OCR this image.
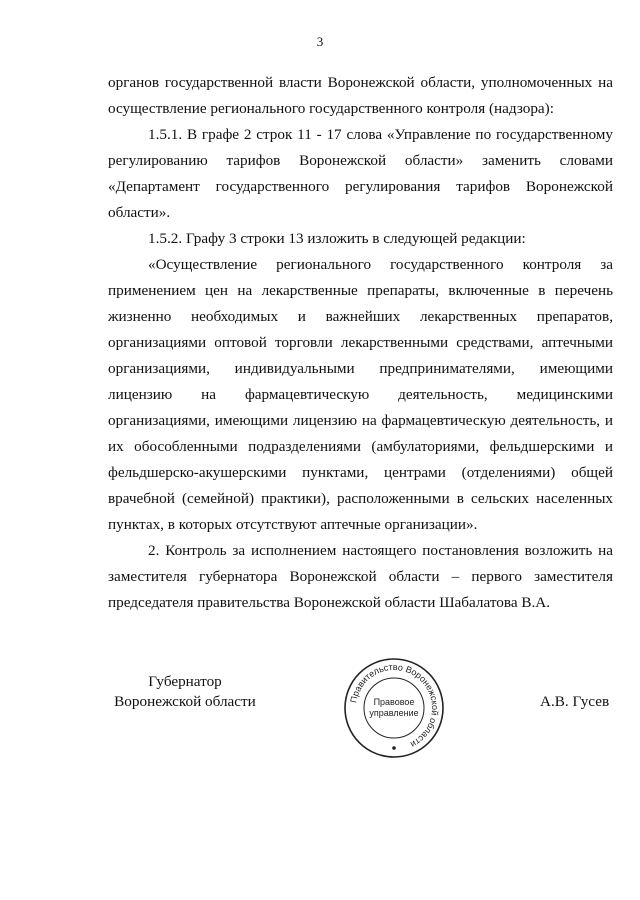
3

органов государственной власти Воронежской области, уполномоченных на осуществление регионального государственного контроля (надзора):

1.5.1. В графе 2 строк 11 - 17 слова «Управление по государственному регулированию тарифов Воронежской области» заменить словами «Департамент государственного регулирования тарифов Воронежской области».

1.5.2. Графу 3 строки 13 изложить в следующей редакции:

«Осуществление регионального государственного контроля за применением цен на лекарственные препараты, включенные в перечень жизненно необходимых и важнейших лекарственных препаратов, организациями оптовой торговли лекарственными средствами, аптечными организациями, индивидуальными предпринимателями, имеющими лицензию на фармацевтическую деятельность, медицинскими организациями, имеющими лицензию на фармацевтическую деятельность, и их обособленными подразделениями (амбулаториями, фельдшерскими и фельдшерско-акушерскими пунктами, центрами (отделениями) общей врачебной (семейной) практики), расположенными в сельских населенных пунктах, в которых отсутствуют аптечные организации».

2. Контроль за исполнением настоящего постановления возложить на заместителя губернатора Воронежской области – первого заместителя председателя правительства Воронежской области Шабалатова В.А.

Губернатор
Воронежской области	Правительство Воронежской области
Правовое
управление
А.В. Гусев
